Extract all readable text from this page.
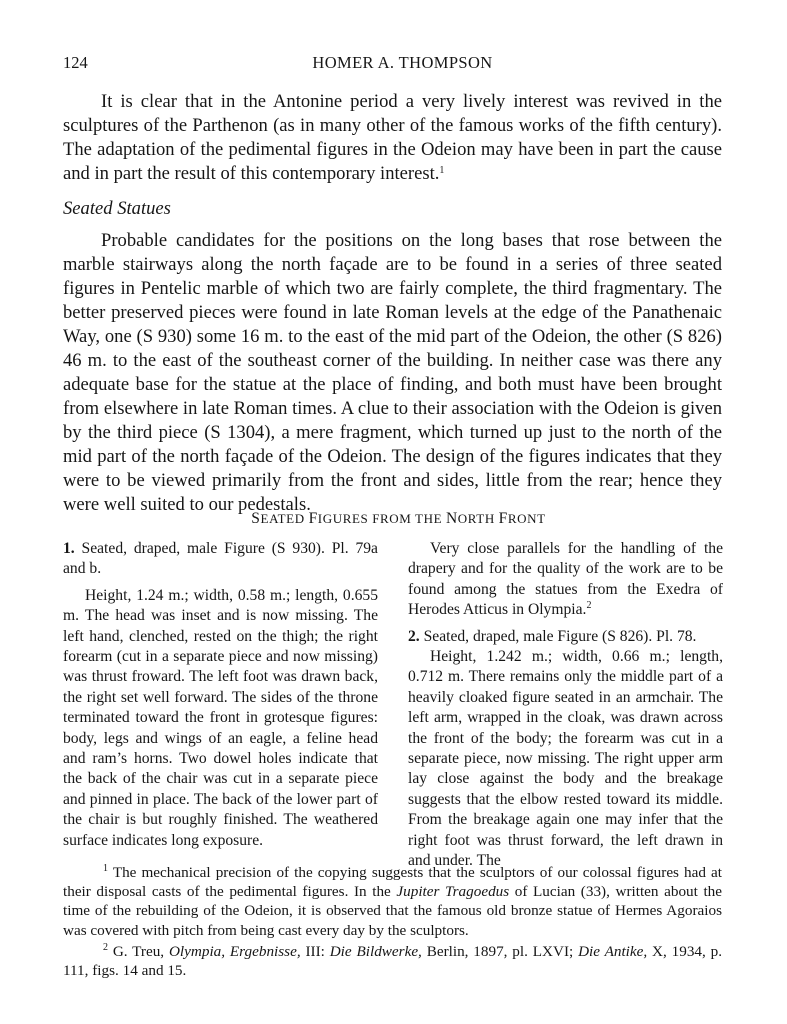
124	HOMER A. THOMPSON

It is clear that in the Antonine period a very lively interest was revived in the sculptures of the Parthenon (as in many other of the famous works of the fifth century). The adaptation of the pedimental figures in the Odeion may have been in part the cause and in part the result of this contemporary interest.$^1$

Seated Statues

Probable candidates for the positions on the long bases that rose between the marble stairways along the north façade are to be found in a series of three seated figures in Pentelic marble of which two are fairly complete, the third fragmentary. The better preserved pieces were found in late Roman levels at the edge of the Panathenaic Way, one (S 930) some 16 m. to the east of the mid part of the Odeion, the other (S 826) 46 m. to the east of the southeast corner of the building. In neither case was there any adequate base for the statue at the place of finding, and both must have been brought from elsewhere in late Roman times. A clue to their association with the Odeion is given by the third piece (S 1304), a mere fragment, which turned up just to the north of the mid part of the north façade of the Odeion. The design of the figures indicates that they were to be viewed primarily from the front and sides, little from the rear; hence they were well suited to our pedestals.

SEATED FIGURES FROM THE NORTH FRONT

1. Seated, draped, male Figure (S 930). Pl. 79a and b.

Height, 1.24 m.; width, 0.58 m.; length, 0.655 m. The head was inset and is now missing. The left hand, clenched, rested on the thigh; the right forearm (cut in a separate piece and now missing) was thrust froward. The left foot was drawn back, the right set well forward. The sides of the throne terminated toward the front in grotesque figures: body, legs and wings of an eagle, a feline head and ram’s horns. Two dowel holes indicate that the back of the chair was cut in a separate piece and pinned in place. The back of the lower part of the chair is but roughly finished. The weathered surface indicates long exposure.

Very close parallels for the handling of the drapery and for the quality of the work are to be found among the statues from the Exedra of Herodes Atticus in Olympia.$^2$

2. Seated, draped, male Figure (S 826). Pl. 78.

Height, 1.242 m.; width, 0.66 m.; length, 0.712 m. There remains only the middle part of a heavily cloaked figure seated in an armchair. The left arm, wrapped in the cloak, was drawn across the front of the body; the forearm was cut in a separate piece, now missing. The right upper arm lay close against the body and the breakage suggests that the elbow rested toward its middle. From the breakage again one may infer that the right foot was thrust forward, the left drawn in and under. The

$^1$ The mechanical precision of the copying suggests that the sculptors of our colossal figures had at their disposal casts of the pedimental figures. In the Jupiter Tragoedus of Lucian (33), written about the time of the rebuilding of the Odeion, it is observed that the famous old bronze statue of Hermes Agoraios was covered with pitch from being cast every day by the sculptors.

$^2$ G. Treu, Olympia, Ergebnisse, III: Die Bildwerke, Berlin, 1897, pl. LXVI; Die Antike, X, 1934, p. 111, figs. 14 and 15.
